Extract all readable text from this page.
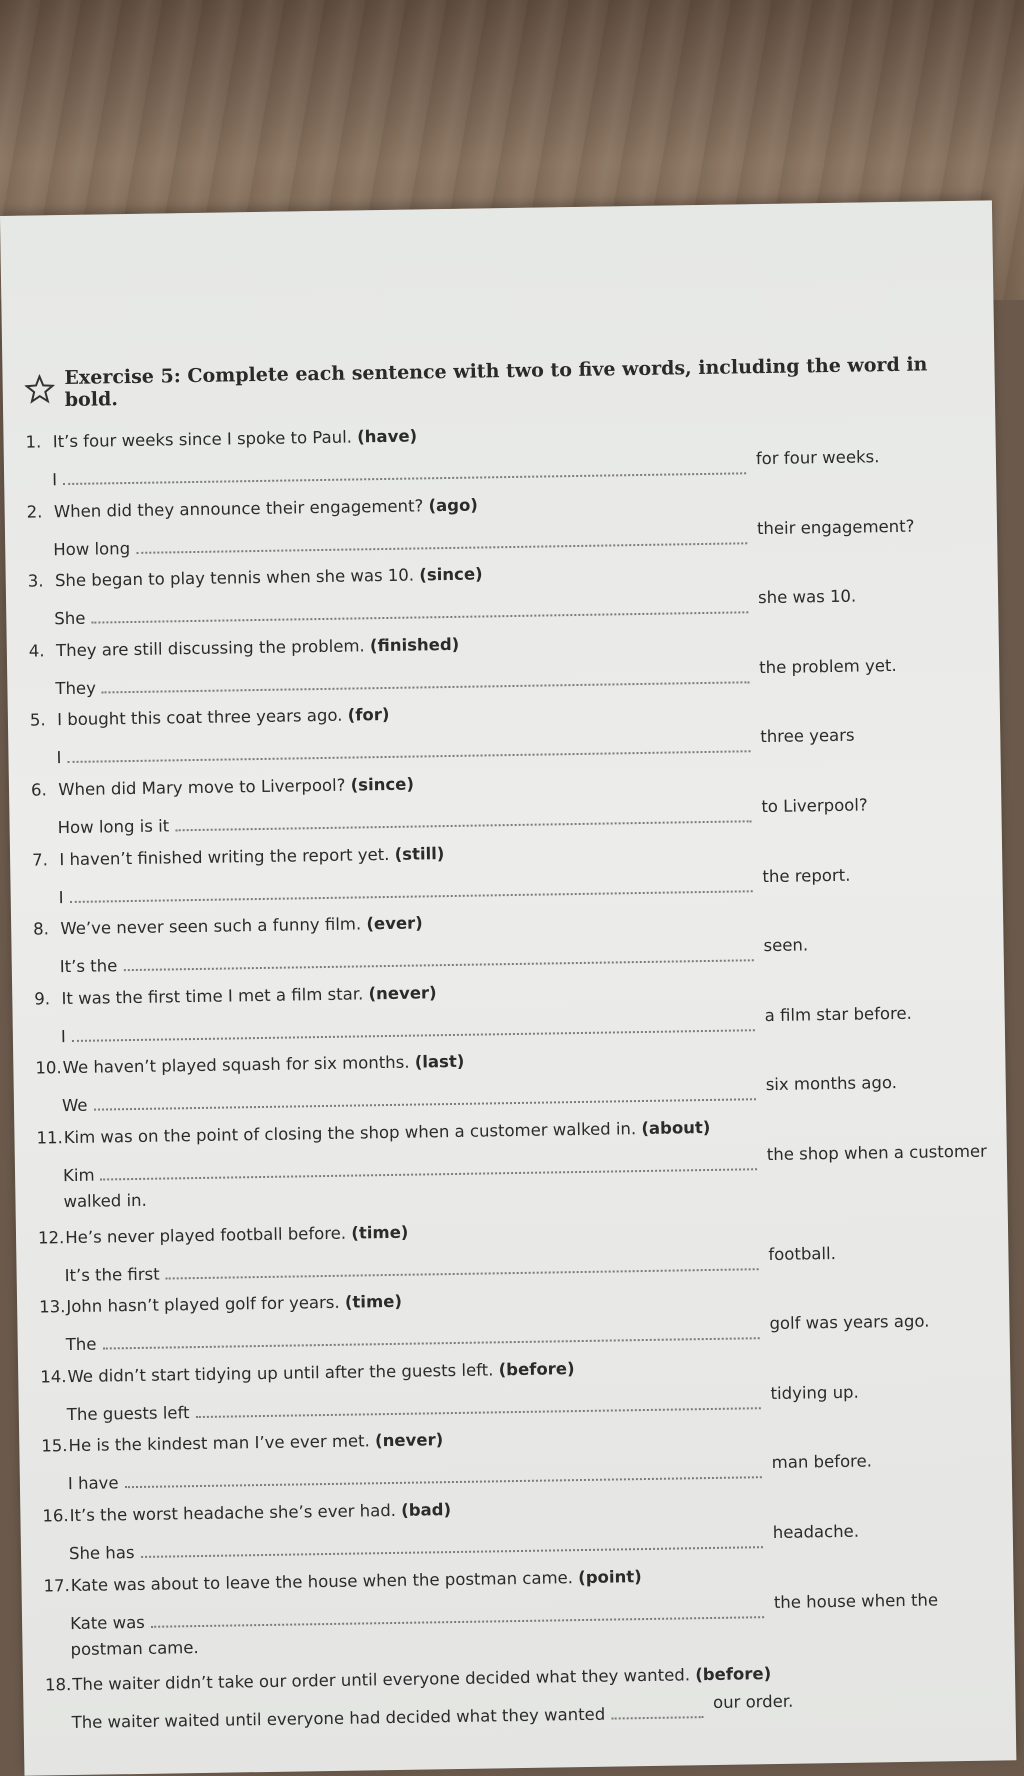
Exercise 5: Complete each sentence with two to five words, including the word in bold.
1. It’s four weeks since I spoke to Paul. (have)
I
for four weeks.
2. When did they announce their engagement? (ago)
How long
their engagement?
3. She began to play tennis when she was 10. (since)
She
she was 10.
4. They are still discussing the problem. (finished)
They
the problem yet.
5. I bought this coat three years ago. (for)
I
three years
6. When did Mary move to Liverpool? (since)
How long is it
to Liverpool?
7. I haven’t finished writing the report yet. (still)
I
the report.
8. We’ve never seen such a funny film. (ever)
It’s the
seen.
9. It was the first time I met a film star. (never)
I
a film star before.
10. We haven’t played squash for six months. (last)
We
six months ago.
11. Kim was on the point of closing the shop when a customer walked in. (about)
Kim
the shop when a customer
walked in.
12. He’s never played football before. (time)
It’s the first
football.
13. John hasn’t played golf for years. (time)
The
golf was years ago.
14. We didn’t start tidying up until after the guests left. (before)
The guests left
tidying up.
15. He is the kindest man I’ve ever met. (never)
I have
man before.
16. It’s the worst headache she’s ever had. (bad)
She has
headache.
17. Kate was about to leave the house when the postman came. (point)
Kate was
the house when the
postman came.
18. The waiter didn’t take our order until everyone decided what they wanted. (before)
The waiter waited until everyone had decided what they wanted
our order.
